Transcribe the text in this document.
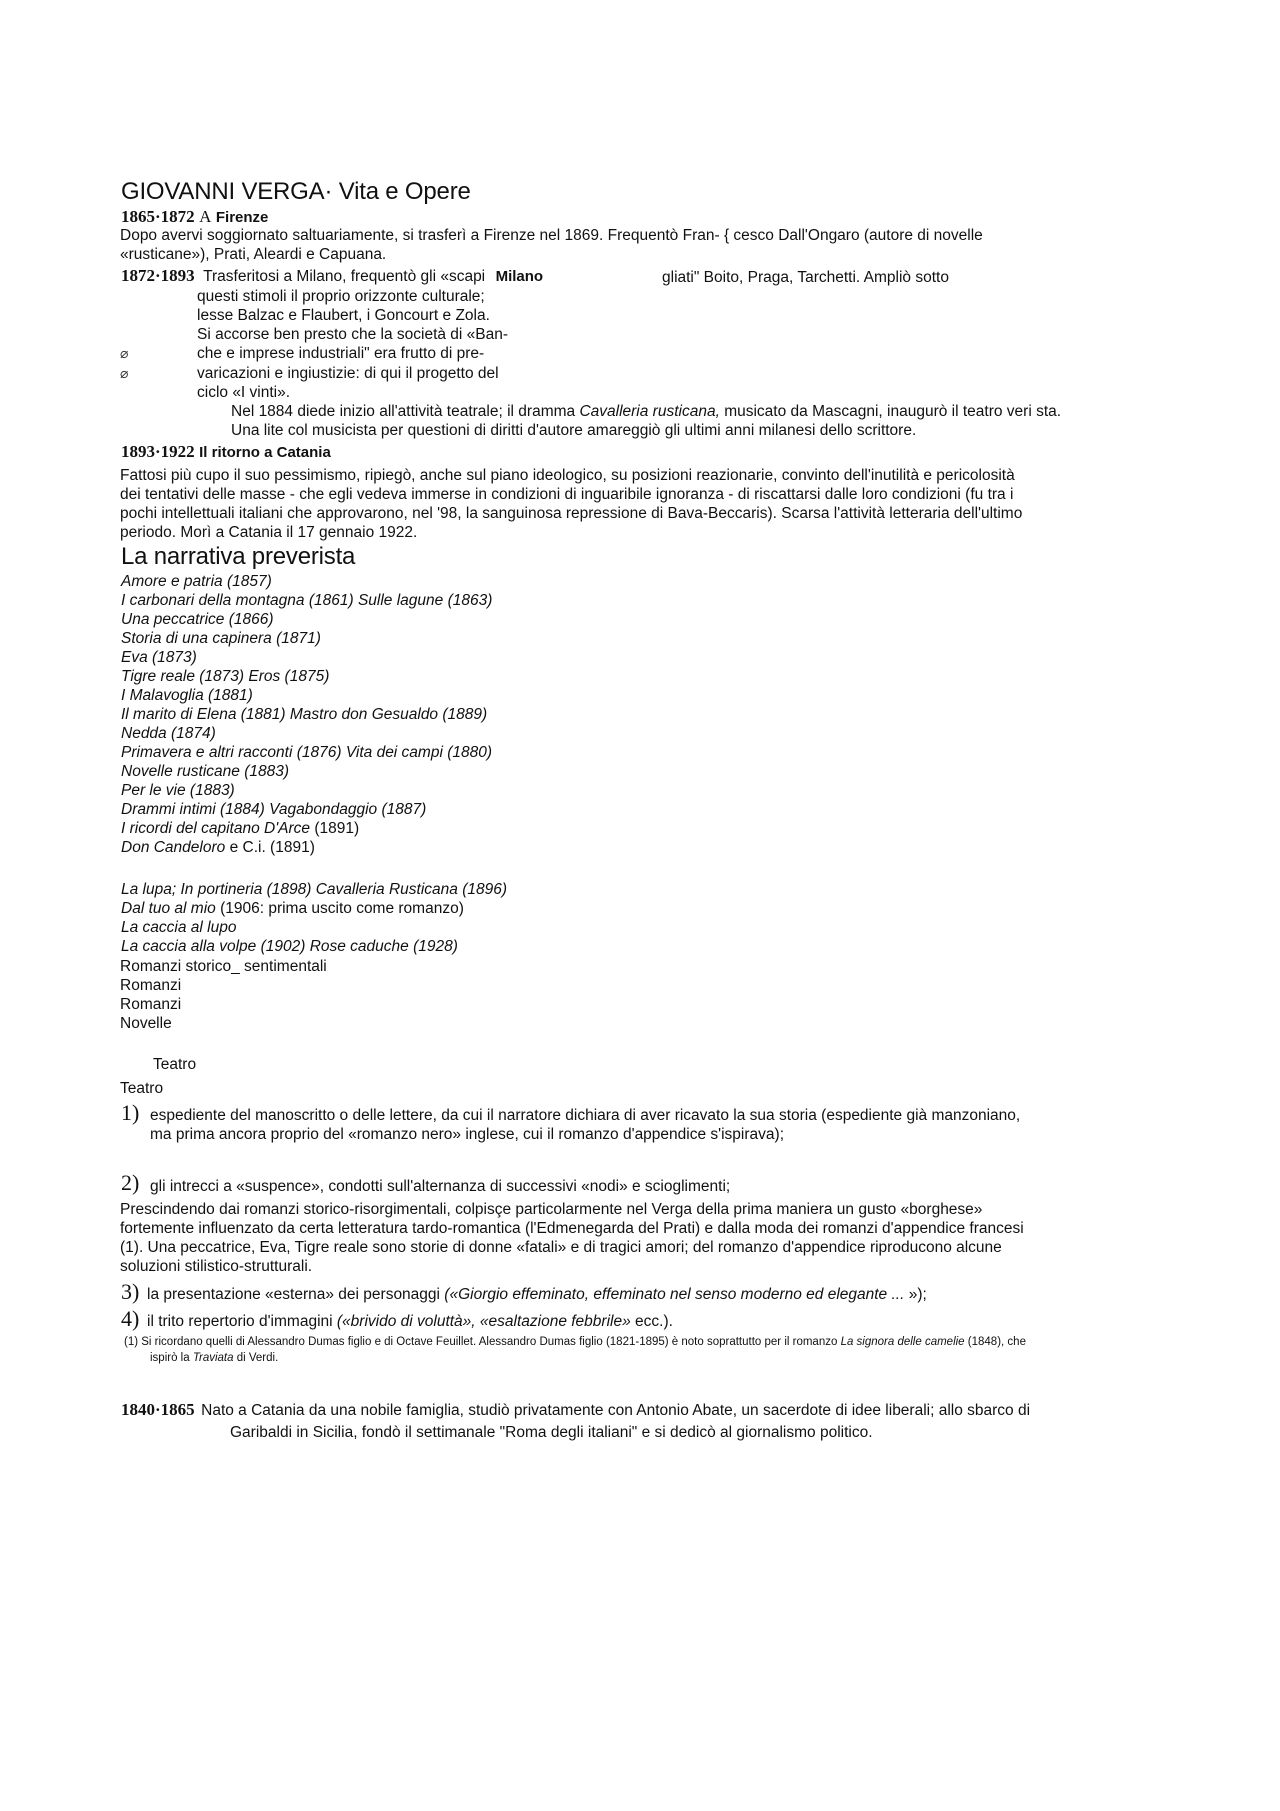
GIOVANNI VERGA· Vita e Opere
1865·1872 A Firenze
Dopo avervi soggiornato saltuariamente, si trasferì a Firenze nel 1869. Frequentò Fran- { cesco Dall'Ongaro (autore di novelle
«rusticane»), Prati, Aleardi e Capuana.
1872·1893 Trasferitosi a Milano, frequentò gli «scapi Milano	gliati" Boito, Praga, Tarchetti. Ampliò sotto
questi stimoli il proprio orizzonte culturale;
lesse Balzac e Flaubert, i Goncourt e Zola.
Si accorse ben presto che la società di «Ban-
⌀	che e imprese industriali" era frutto di pre-
⌀	varicazioni e ingiustizie: di qui il progetto del
ciclo «I vinti».
Nel 1884 diede inizio all'attività teatrale; il dramma Cavalleria rusticana, musicato da Mascagni, inaugurò il teatro veri sta.
Una lite col musicista per questioni di diritti d'autore amareggiò gli ultimi anni milanesi dello scrittore.
1893·1922 Il ritorno a Catania
Fattosi più cupo il suo pessimismo, ripiegò, anche sul piano ideologico, su posizioni reazionarie, convinto dell'inutilità e pericolosità
dei tentativi delle masse - che egli vedeva immerse in condizioni di inguaribile ignoranza - di riscattarsi dalle loro condizioni (fu tra i
pochi intellettuali italiani che approvarono, nel '98, la sanguinosa repressione di Bava-Beccaris). Scarsa l'attività letteraria dell'ultimo
periodo. Morì a Catania il 17 gennaio 1922.
La narrativa preverista
Amore e patria (1857)
I carbonari della montagna (1861) Sulle lagune (1863)
Una peccatrice (1866)
Storia di una capinera (1871)
Eva (1873)
Tigre reale (1873) Eros (1875)
I Malavoglia (1881)
Il marito di Elena (1881) Mastro don Gesualdo (1889)
Nedda (1874)
Primavera e altri racconti (1876) Vita dei campi (1880)
Novelle rusticane (1883)
Per le vie (1883)
Drammi intimi (1884) Vagabondaggio (1887)
I ricordi del capitano D'Arce (1891)
Don Candeloro e C.i. (1891)
La lupa; In portineria (1898) Cavalleria Rusticana (1896)
Dal tuo al mio (1906: prima uscito come romanzo)
La caccia al lupo
La caccia alla volpe (1902) Rose caduche (1928)
Romanzi storico_ sentimentali
Romanzi
Romanzi
Novelle
Teatro
Teatro
1) espediente del manoscritto o delle lettere, da cui il narratore dichiara di aver ricavato la sua storia (espediente già manzoniano,
ma prima ancora proprio del «romanzo nero» inglese, cui il romanzo d'appendice s'ispirava);
2) gli intrecci a «suspence», condotti sull'alternanza di successivi «nodi» e scioglimenti;
Prescindendo dai romanzi storico-risorgimentali, colpisçe particolarmente nel Verga della prima maniera un gusto «borghese»
fortemente influenzato da certa letteratura tardo-romantica (l'Edmenegarda del Prati) e dalla moda dei romanzi d'appendice francesi
(1). Una peccatrice, Eva, Tigre reale sono storie di donne «fatali» e di tragici amori; del romanzo d'appendice riproducono alcune
soluzioni stilistico-strutturali.
3) la presentazione «esterna» dei personaggi («Giorgio effeminato, effeminato nel senso moderno ed elegante ... »);
4) il trito repertorio d'immagini («brivido di voluttà», «esaltazione febbrile» ecc.).
(1) Si ricordano quelli di Alessandro Dumas figlio e di Octave Feuillet. Alessandro Dumas figlio (1821-1895) è noto soprattutto per il romanzo La signora delle camelie (1848), che
ispirò la Traviata di Verdi.
1840·1865 Nato a Catania da una nobile famiglia, studiò privatamente con Antonio Abate, un sacerdote di idee liberali; allo sbarco di
Garibaldi in Sicilia, fondò il settimanale "Roma degli italiani" e si dedicò al giornalismo politico.
